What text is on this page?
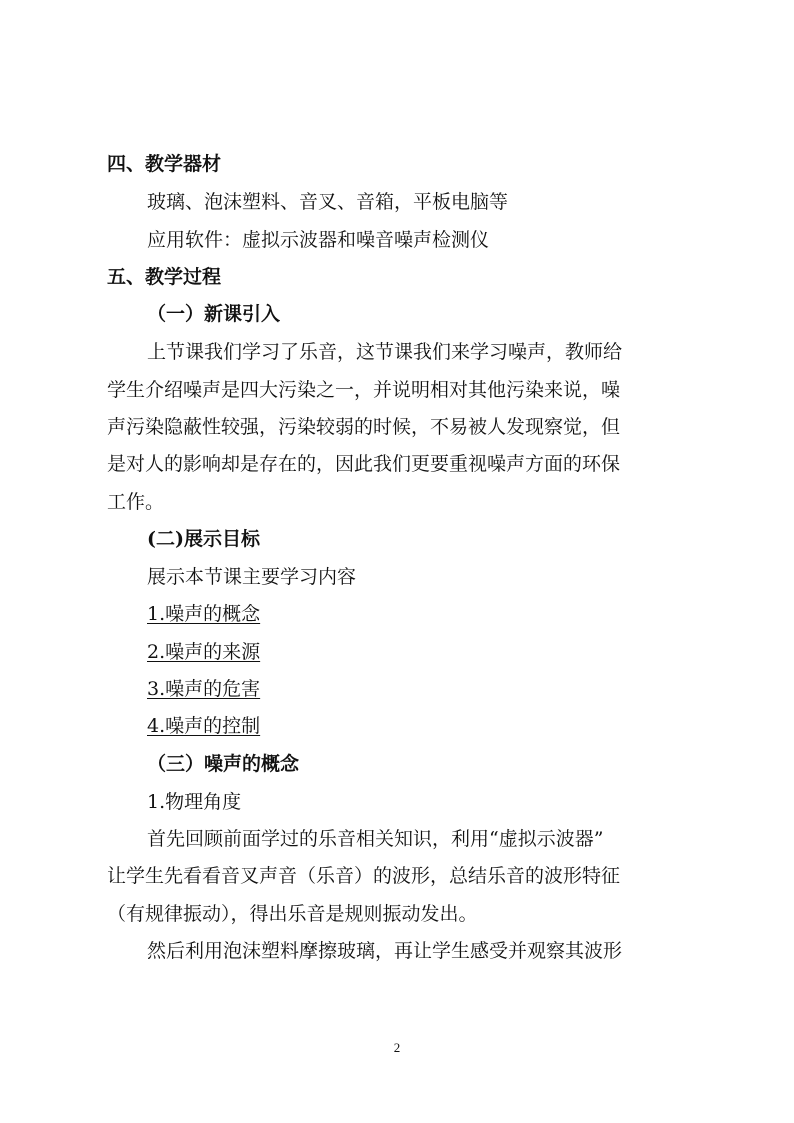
四、教学器材
玻璃、泡沫塑料、音叉、音箱，平板电脑等
应用软件：虚拟示波器和噪音噪声检测仪
五、教学过程
（一）新课引入
上节课我们学习了乐音，这节课我们来学习噪声，教师给
学生介绍噪声是四大污染之一，并说明相对其他污染来说，噪
声污染隐蔽性较强，污染较弱的时候，不易被人发现察觉，但
是对人的影响却是存在的，因此我们更要重视噪声方面的环保
工作。
(二)展示目标
展示本节课主要学习内容
1.噪声的概念
2.噪声的来源
3.噪声的危害
4.噪声的控制
（三）噪声的概念
1.物理角度
首先回顾前面学过的乐音相关知识，利用“虚拟示波器”
让学生先看看音叉声音（乐音）的波形，总结乐音的波形特征
（有规律振动），得出乐音是规则振动发出。
然后利用泡沫塑料摩擦玻璃，再让学生感受并观察其波形
2
